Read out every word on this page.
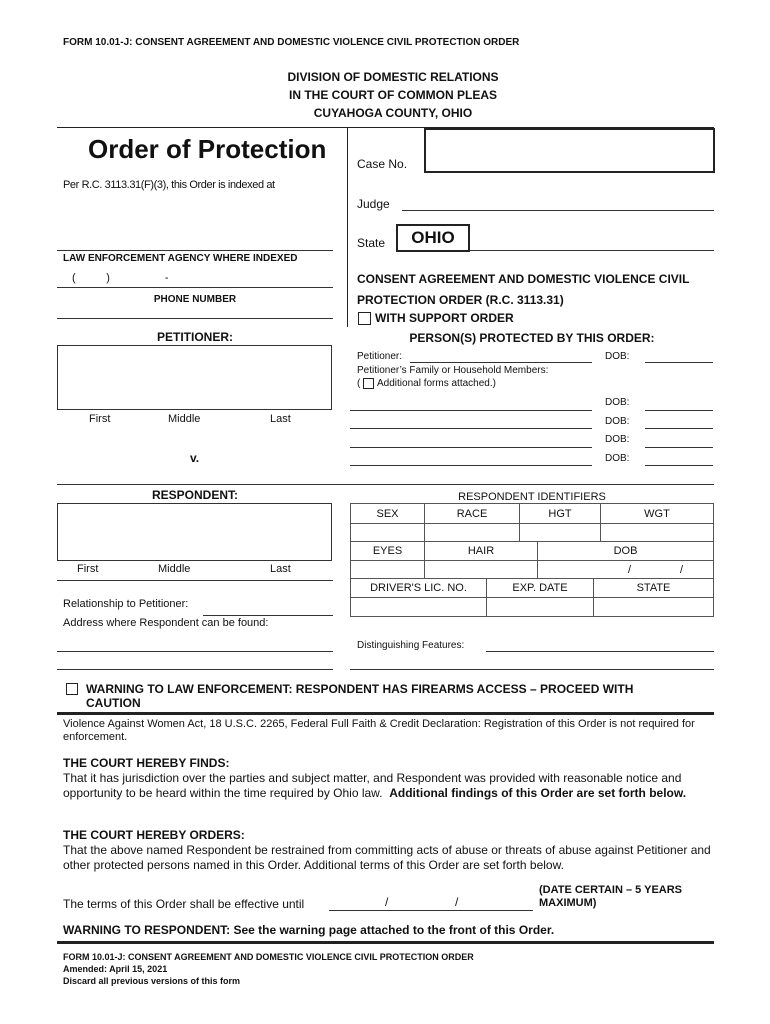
FORM 10.01-J: CONSENT AGREEMENT AND DOMESTIC VIOLENCE CIVIL PROTECTION ORDER
DIVISION OF DOMESTIC RELATIONS
IN THE COURT OF COMMON PLEAS
CUYAHOGA COUNTY, OHIO
Order of Protection
Per R.C. 3113.31(F)(3), this Order is indexed at
LAW ENFORCEMENT AGENCY WHERE INDEXED
(          )                  -
PHONE NUMBER
Case No.
Judge
State	OHIO
CONSENT AGREEMENT AND DOMESTIC VIOLENCE CIVIL
PROTECTION ORDER (R.C. 3113.31)
WITH SUPPORT ORDER
PETITIONER:
First	Middle	Last
v.
PERSON(S) PROTECTED BY THIS ORDER:
Petitioner:	DOB:
Petitioner’s Family or Household Members:
( Additional forms attached.)
DOB:
DOB:
DOB:
DOB:
RESPONDENT:
First	Middle	Last
Relationship to Petitioner:
Address where Respondent can be found:
RESPONDENT IDENTIFIERS
SEX	RACE	HGT	WGT
EYES	HAIR	DOB
/                /
DRIVER'S LIC. NO.	EXP. DATE	STATE
Distinguishing Features:
WARNING TO LAW ENFORCEMENT: RESPONDENT HAS FIREARMS ACCESS – PROCEED WITH CAUTION
Violence Against Women Act, 18 U.S.C. 2265, Federal Full Faith & Credit Declaration: Registration of this Order is not required for enforcement.
THE COURT HEREBY FINDS:
That it has jurisdiction over the parties and subject matter, and Respondent was provided with reasonable notice and opportunity to be heard within the time required by Ohio law. Additional findings of this Order are set forth below.
THE COURT HEREBY ORDERS:
That the above named Respondent be restrained from committing acts of abuse or threats of abuse against Petitioner and other protected persons named in this Order. Additional terms of this Order are set forth below.
The terms of this Order shall be effective until	/                    /
(DATE CERTAIN – 5 YEARS MAXIMUM)
WARNING TO RESPONDENT: See the warning page attached to the front of this Order.
FORM 10.01-J: CONSENT AGREEMENT AND DOMESTIC VIOLENCE CIVIL PROTECTION ORDER
Amended: April 15, 2021
Discard all previous versions of this form
